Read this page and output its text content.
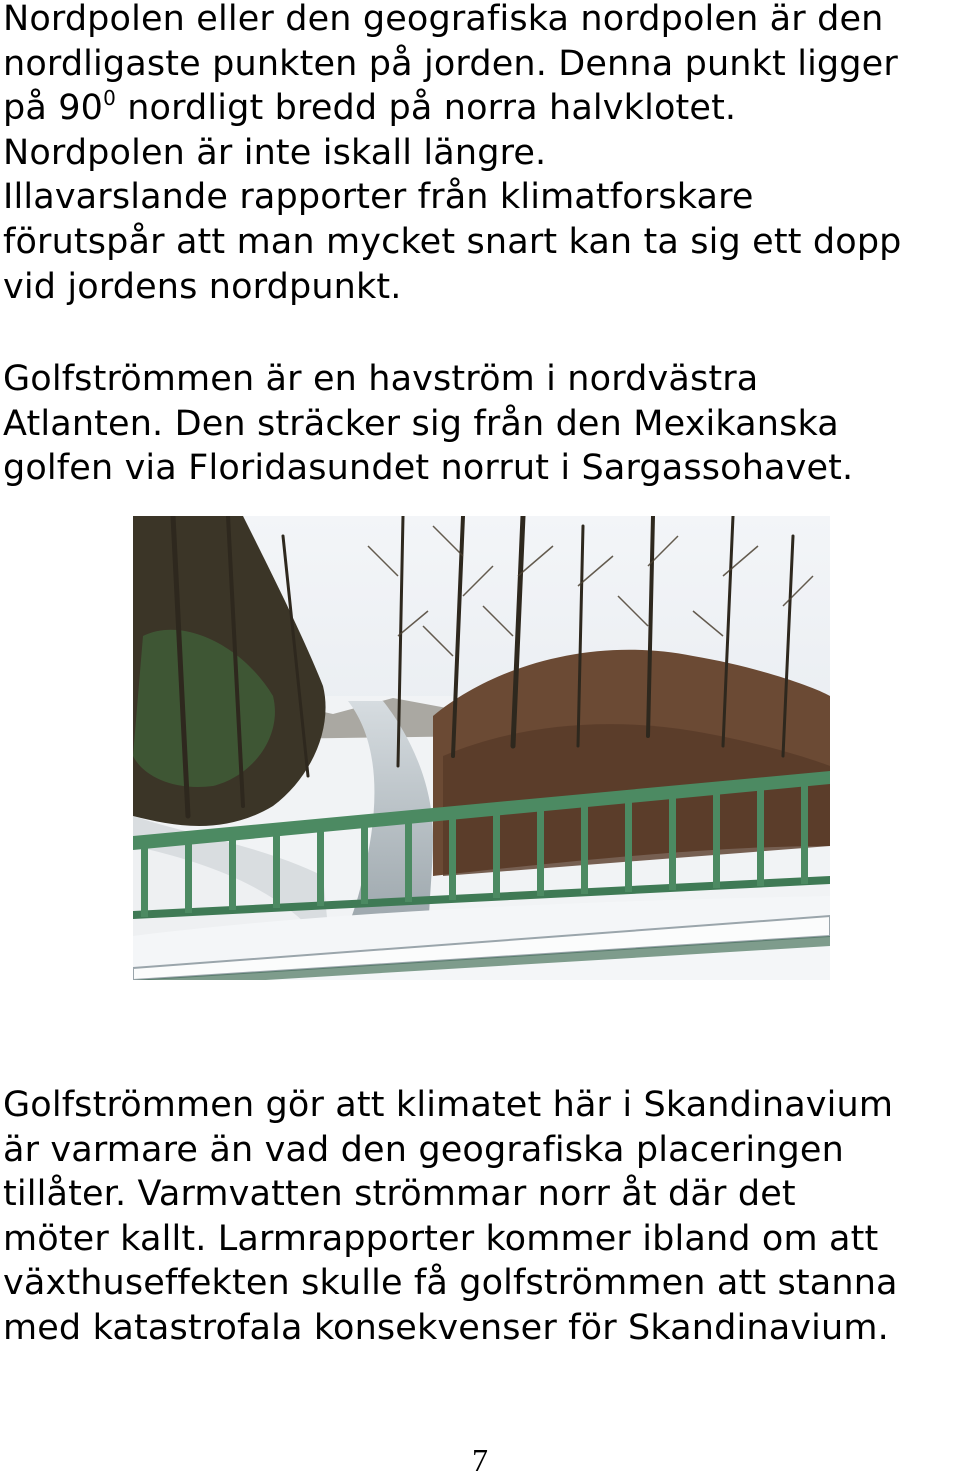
Nordpolen eller den geografiska nordpolen är den
nordligaste punkten på jorden. Denna punkt ligger
på $90^0$ nordligt bredd på norra halvklotet.
Nordpolen är inte iskall längre.
Illavarslande rapporter från klimatforskare
förutspår att man mycket snart kan ta sig ett dopp
vid jordens nordpunkt.
Golfströmmen är en havström i nordvästra
Atlanten. Den sträcker sig från den Mexikanska
golfen via Floridasundet norrut i Sargassohavet.
Golfströmmen gör att klimatet här i Skandinavium
är varmare än vad den geografiska placeringen
tillåter. Varmvatten strömmar norr åt där det
möter kallt. Larmrapporter kommer ibland om att
växthuseffekten skulle få golfströmmen att stanna
med katastrofala konsekvenser för Skandinavium.
7
